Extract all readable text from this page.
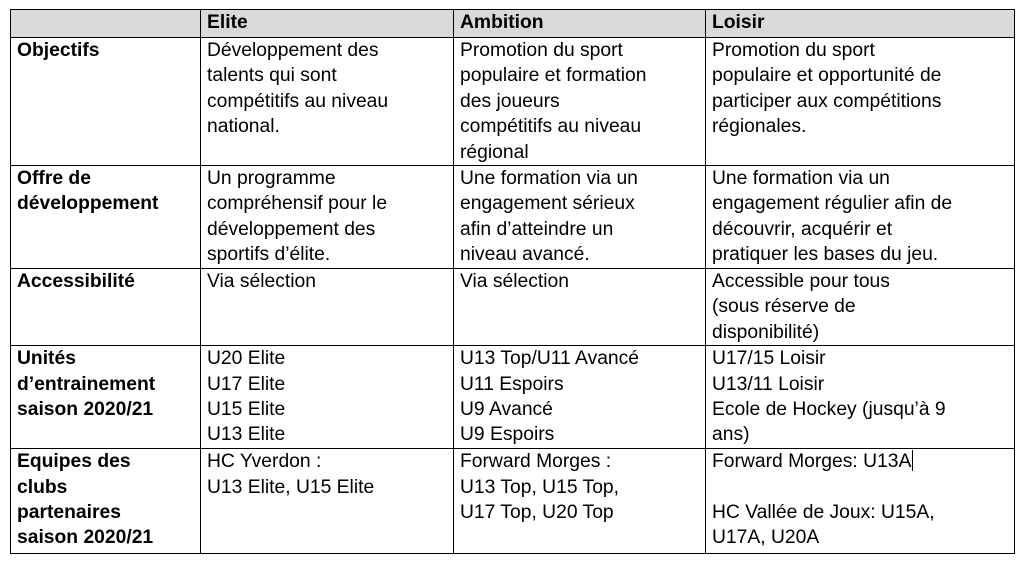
	Elite	Ambition	Loisir

Objectifs	Développement des
talents qui sont
compétitifs au niveau
national.	Promotion du sport
populaire et formation
des joueurs
compétitifs au niveau
régional	Promotion du sport
populaire et opportunité de
participer aux compétitions
régionales.

Offre de
développement	Un programme
compréhensif pour le
développement des
sportifs d’élite.	Une formation via un
engagement sérieux
afin d’atteindre un
niveau avancé.	Une formation via un
engagement régulier afin de
découvrir, acquérir et
pratiquer les bases du jeu.

Accessibilité	Via sélection	Via sélection	Accessible pour tous
(sous réserve de
disponibilité)

Unités
d’entrainement
saison 2020/21	U20 Elite
U17 Elite
U15 Elite
U13 Elite	U13 Top/U11 Avancé
U11 Espoirs
U9 Avancé
U9 Espoirs	U17/15 Loisir
U13/11 Loisir
Ecole de Hockey (jusqu’à 9
ans)

Equipes des
clubs
partenaires
saison 2020/21	HC Yverdon :
U13 Elite, U15 Elite	Forward Morges :
U13 Top, U15 Top,
U17 Top, U20 Top	Forward Morges: U13A
HC Vallée de Joux: U15A,
U17A, U20A
